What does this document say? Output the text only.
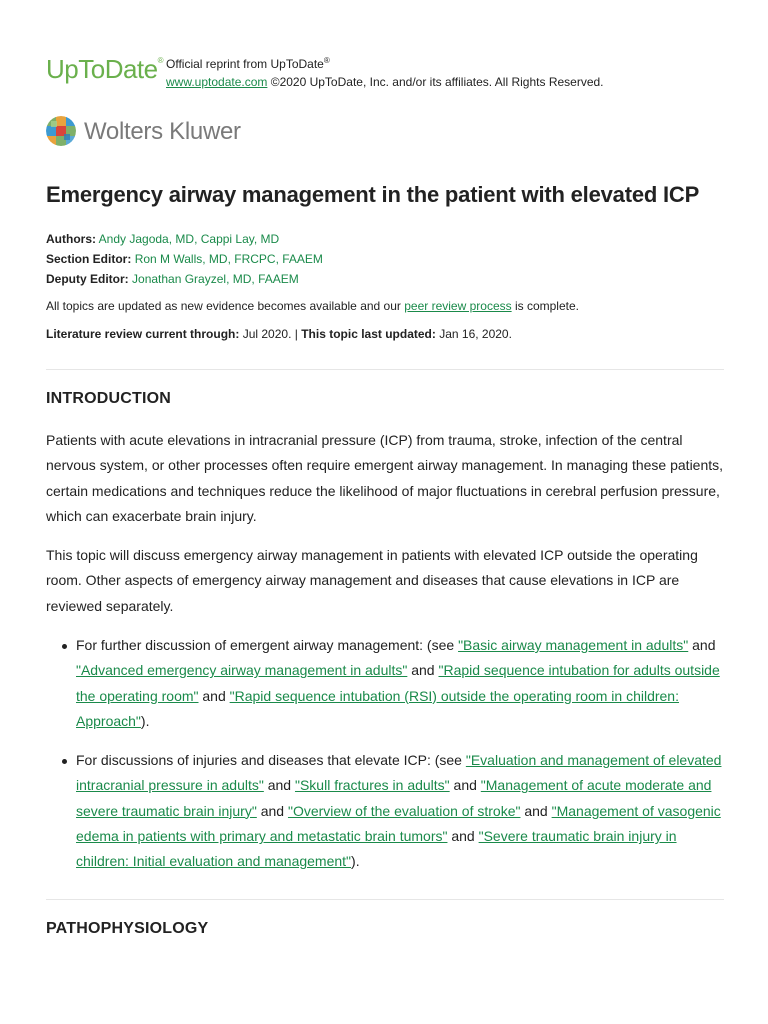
UpToDate® Official reprint from UpToDate®
www.uptodate.com ©2020 UpToDate, Inc. and/or its affiliates. All Rights Reserved.
Wolters Kluwer
Emergency airway management in the patient with elevated ICP
Authors: Andy Jagoda, MD, Cappi Lay, MD
Section Editor: Ron M Walls, MD, FRCPC, FAAEM
Deputy Editor: Jonathan Grayzel, MD, FAAEM
All topics are updated as new evidence becomes available and our peer review process is complete.
Literature review current through: Jul 2020. | This topic last updated: Jan 16, 2020.
INTRODUCTION

Patients with acute elevations in intracranial pressure (ICP) from trauma, stroke, infection of the central nervous system, or other processes often require emergent airway management. In managing these patients, certain medications and techniques reduce the likelihood of major fluctuations in cerebral perfusion pressure, which can exacerbate brain injury.

This topic will discuss emergency airway management in patients with elevated ICP outside the operating room. Other aspects of emergency airway management and diseases that cause elevations in ICP are reviewed separately.

For further discussion of emergent airway management: (see "Basic airway management in adults" and "Advanced emergency airway management in adults" and "Rapid sequence intubation for adults outside the operating room" and "Rapid sequence intubation (RSI) outside the operating room in children: Approach").
For discussions of injuries and diseases that elevate ICP: (see "Evaluation and management of elevated intracranial pressure in adults" and "Skull fractures in adults" and "Management of acute moderate and severe traumatic brain injury" and "Overview of the evaluation of stroke" and "Management of vasogenic edema in patients with primary and metastatic brain tumors" and "Severe traumatic brain injury in children: Initial evaluation and management").
PATHOPHYSIOLOGY
